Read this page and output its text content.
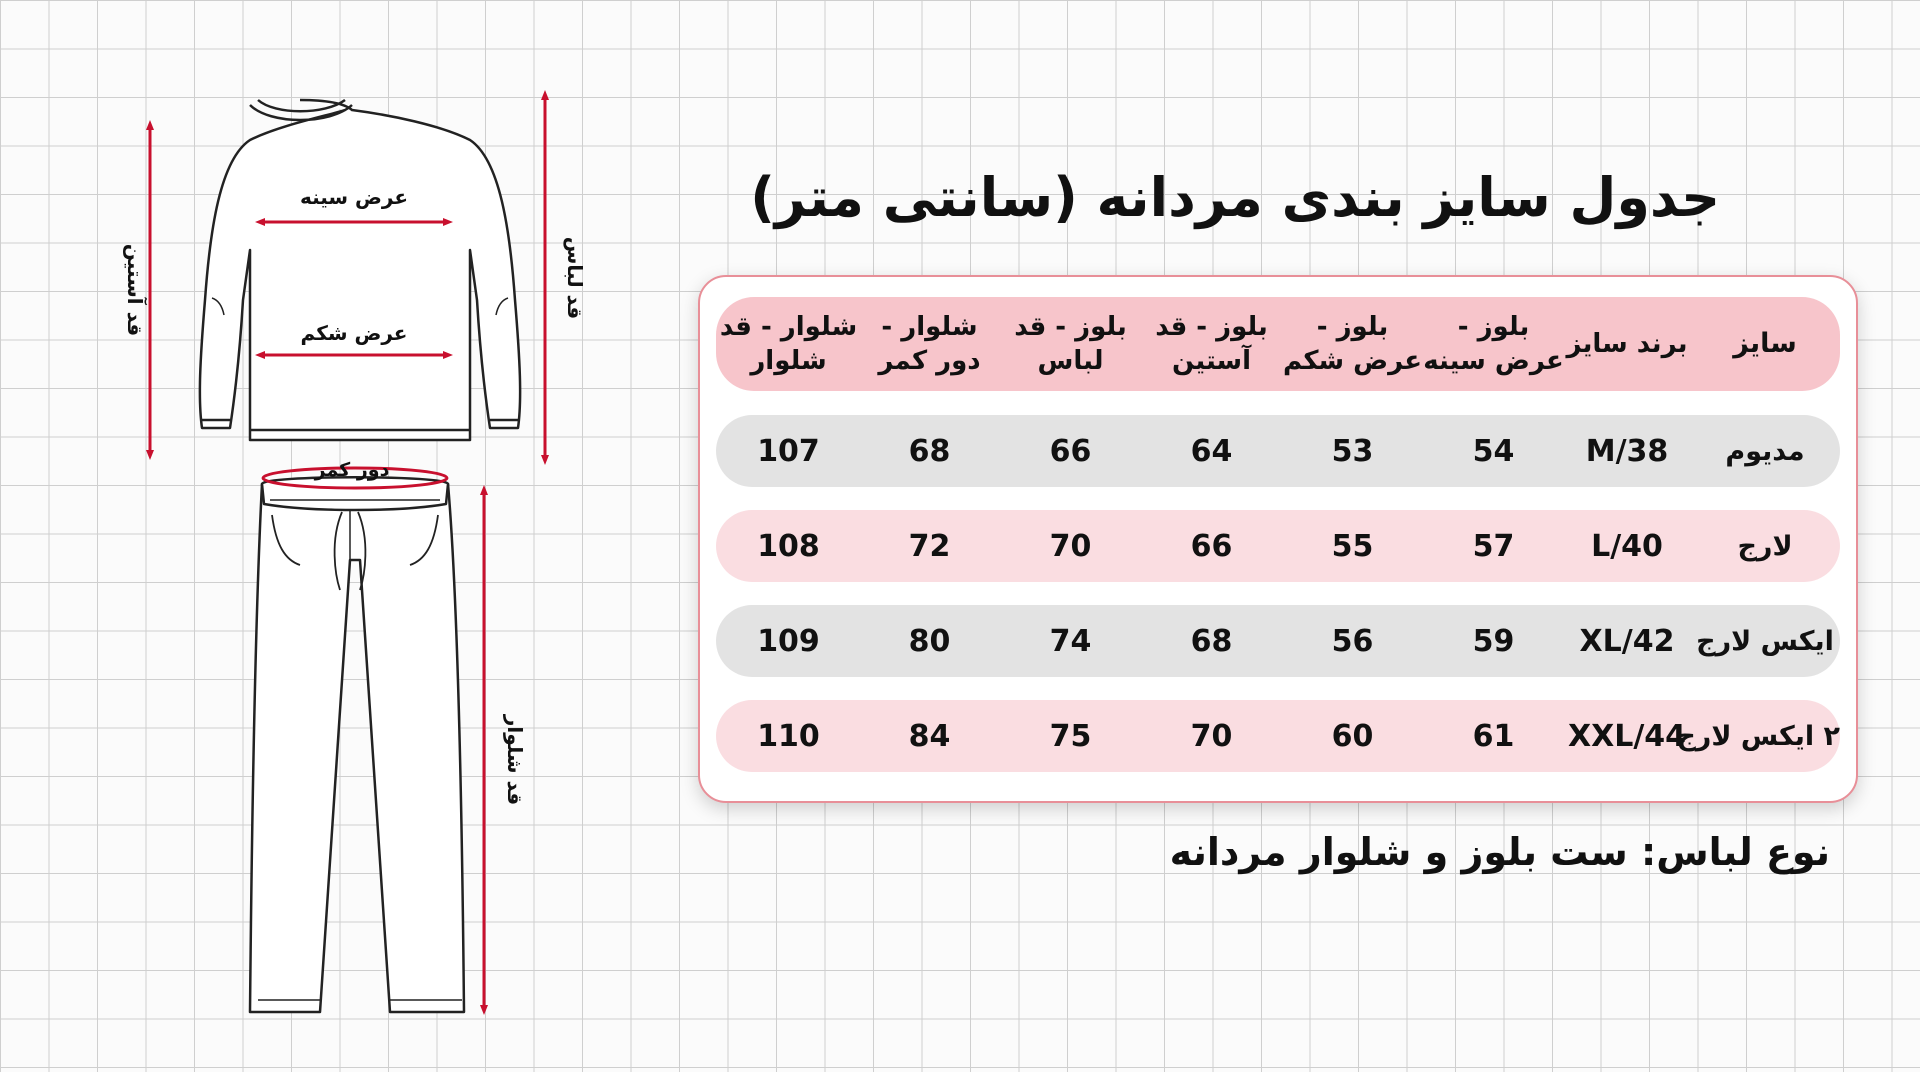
عرض سینه
عرض شکم
دور کمر
قد آستین	قد لباس
قد شلوار
جدول سایز بندی مردانه (سانتی متر)
سایز
برند سایز
بلوز - عرض سینه
بلوز - عرض شکم
بلوز - قد آستین
بلوز - قد لباس
شلوار - دور کمر
شلوار - قد شلوار
مدیوم
M/38
54
53
64
66
68
107
لارج
L/40
57
55
66
70
72
108
ایکس لارج
XL/42
59
56
68
74
80
109
۲ ایکس لارج
XXL/44
61
60
70
75
84
110
نوع لباس: ست بلوز و شلوار مردانه
